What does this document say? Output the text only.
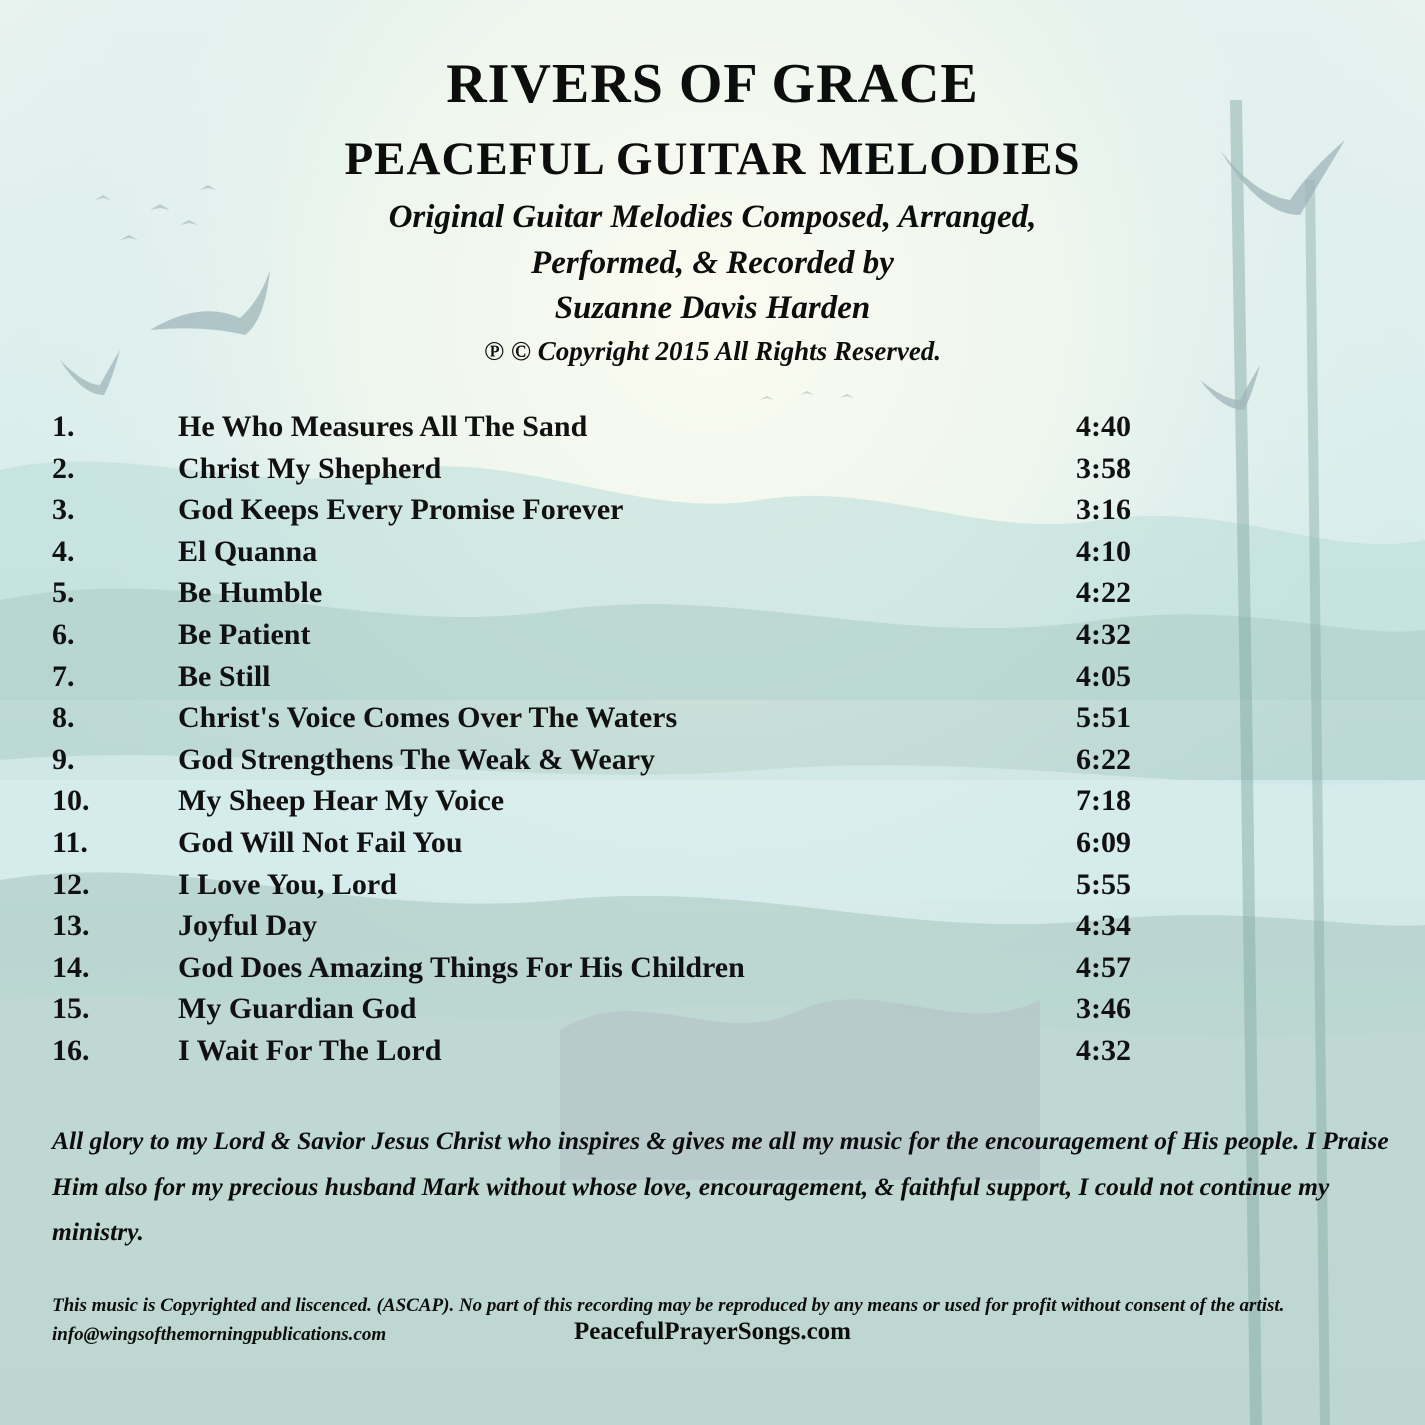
RIVERS OF GRACE
PEACEFUL GUITAR MELODIES
Original Guitar Melodies Composed, Arranged,
Performed, & Recorded by
Suzanne Davis Harden
℗ © Copyright 2015 All Rights Reserved.
1.	He Who Measures All The Sand	4:40
2.	Christ My Shepherd	3:58
3.	God Keeps Every Promise Forever	3:16
4.	El Quanna	4:10
5.	Be Humble	4:22
6.	Be Patient	4:32
7.	Be Still	4:05
8.	Christ's Voice Comes Over The Waters	5:51
9.	God Strengthens The Weak & Weary	6:22
10.	My Sheep Hear My Voice	7:18
11.	God Will Not Fail You	6:09
12.	I Love You, Lord	5:55
13.	Joyful Day	4:34
14.	God Does Amazing Things For His Children	4:57
15.	My Guardian God	3:46
16.	I Wait For The Lord	4:32
All glory to my Lord & Savior Jesus Christ who inspires & gives me all my music for the encouragement of His people. I Praise Him also for my precious husband Mark without whose love, encouragement, & faithful support, I could not continue my ministry.
This music is Copyrighted and liscenced. (ASCAP). No part of this recording may be reproduced by any means or used for profit without consent of the artist. info@wingsofthemorningpublications.com	PeacefulPrayerSongs.com
